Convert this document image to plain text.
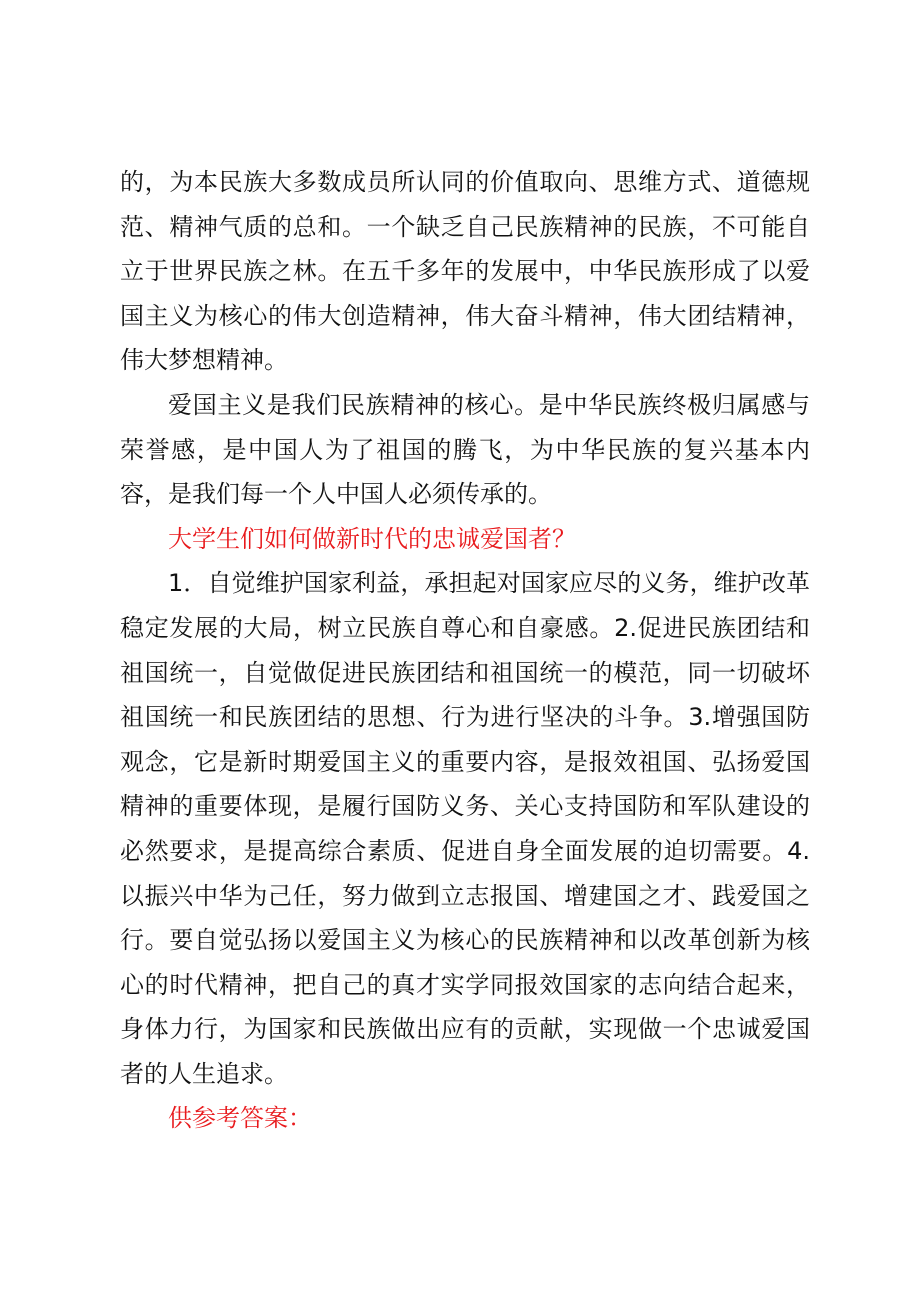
的，为本民族大多数成员所认同的价值取向、思维方式、道德规范、精神气质的总和。一个缺乏自己民族精神的民族，不可能自立于世界民族之林。在五千多年的发展中，中华民族形成了以爱国主义为核心的伟大创造精神，伟大奋斗精神，伟大团结精神，伟大梦想精神。

爱国主义是我们民族精神的核心。是中华民族终极归属感与荣誉感，是中国人为了祖国的腾飞，为中华民族的复兴基本内容，是我们每一个人中国人必须传承的。

大学生们如何做新时代的忠诚爱国者？

1．自觉维护国家利益，承担起对国家应尽的义务，维护改革稳定发展的大局，树立民族自尊心和自豪感。2.促进民族团结和祖国统一，自觉做促进民族团结和祖国统一的模范，同一切破坏祖国统一和民族团结的思想、行为进行坚决的斗争。3.增强国防观念，它是新时期爱国主义的重要内容，是报效祖国、弘扬爱国精神的重要体现，是履行国防义务、关心支持国防和军队建设的必然要求，是提高综合素质、促进自身全面发展的迫切需要。4.以振兴中华为己任，努力做到立志报国、增建国之才、践爱国之行。要自觉弘扬以爱国主义为核心的民族精神和以改革创新为核心的时代精神，把自己的真才实学同报效国家的志向结合起来，身体力行，为国家和民族做出应有的贡献，实现做一个忠诚爱国者的人生追求。

供参考答案：
